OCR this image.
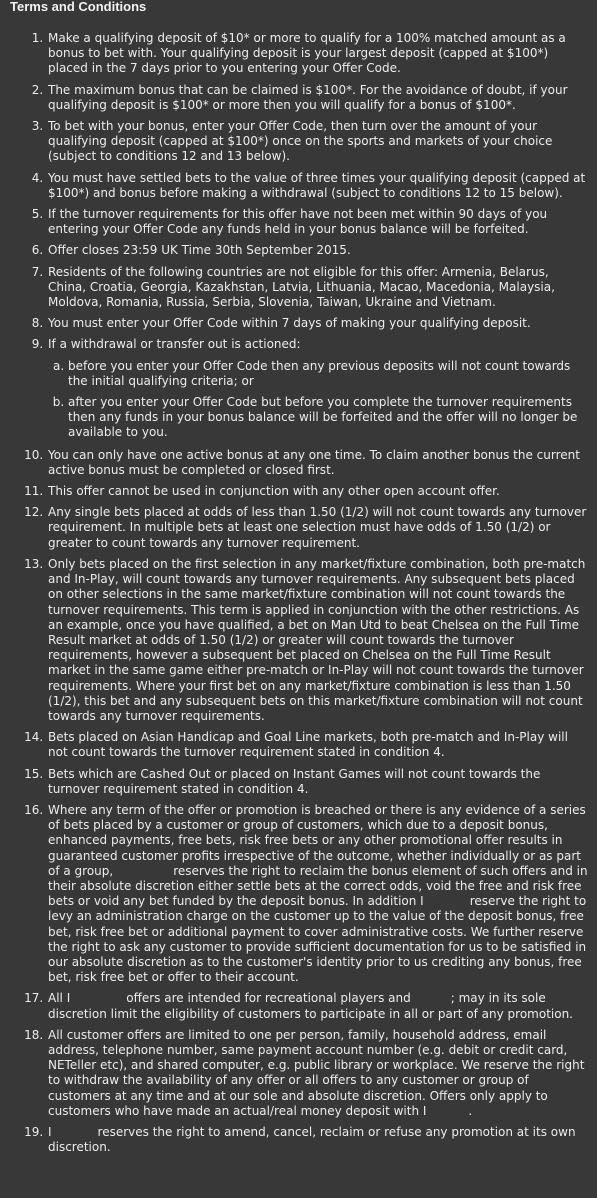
Terms and Conditions
1. Make a qualifying deposit of $10* or more to qualify for a 100% matched amount as a bonus to bet with. Your qualifying deposit is your largest deposit (capped at $100*) placed in the 7 days prior to you entering your Offer Code.
2. The maximum bonus that can be claimed is $100*. For the avoidance of doubt, if your qualifying deposit is $100* or more then you will qualify for a bonus of $100*.
3. To bet with your bonus, enter your Offer Code, then turn over the amount of your qualifying deposit (capped at $100*) once on the sports and markets of your choice (subject to conditions 12 and 13 below).
4. You must have settled bets to the value of three times your qualifying deposit (capped at $100*) and bonus before making a withdrawal (subject to conditions 12 to 15 below).
5. If the turnover requirements for this offer have not been met within 90 days of you entering your Offer Code any funds held in your bonus balance will be forfeited.
6. Offer closes 23:59 UK Time 30th September 2015.
7. Residents of the following countries are not eligible for this offer: Armenia, Belarus, China, Croatia, Georgia, Kazakhstan, Latvia, Lithuania, Macao, Macedonia, Malaysia, Moldova, Romania, Russia, Serbia, Slovenia, Taiwan, Ukraine and Vietnam.
8. You must enter your Offer Code within 7 days of making your qualifying deposit.
9. If a withdrawal or transfer out is actioned:
a. before you enter your Offer Code then any previous deposits will not count towards the initial qualifying criteria; or
b. after you enter your Offer Code but before you complete the turnover requirements then any funds in your bonus balance will be forfeited and the offer will no longer be available to you.
10. You can only have one active bonus at any one time. To claim another bonus the current active bonus must be completed or closed first.
11. This offer cannot be used in conjunction with any other open account offer.
12. Any single bets placed at odds of less than 1.50 (1/2) will not count towards any turnover requirement. In multiple bets at least one selection must have odds of 1.50 (1/2) or greater to count towards any turnover requirement.
13. Only bets placed on the first selection in any market/fixture combination, both pre-match and In-Play, will count towards any turnover requirements. Any subsequent bets placed on other selections in the same market/fixture combination will not count towards the turnover requirements. This term is applied in conjunction with the other restrictions. As an example, once you have qualified, a bet on Man Utd to beat Chelsea on the Full Time Result market at odds of 1.50 (1/2) or greater will count towards the turnover requirements, however a subsequent bet placed on Chelsea on the Full Time Result market in the same game either pre-match or In-Play will not count towards the turnover requirements. Where your first bet on any market/fixture combination is less than 1.50 (1/2), this bet and any subsequent bets on this market/fixture combination will not count towards any turnover requirements.
14. Bets placed on Asian Handicap and Goal Line markets, both pre-match and In-Play will not count towards the turnover requirement stated in condition 4.
15. Bets which are Cashed Out or placed on Instant Games will not count towards the turnover requirement stated in condition 4.
16. Where any term of the offer or promotion is breached or there is any evidence of a series of bets placed by a customer or group of customers, which due to a deposit bonus, enhanced payments, free bets, risk free bets or any other promotional offer results in guaranteed customer profits irrespective of the outcome, whether individually or as part of a group,	reserves the right to reclaim the bonus element of such offers and in their absolute discretion either settle bets at the correct odds, void the free and risk free bets or void any bet funded by the deposit bonus. In addition I	reserve the right to levy an administration charge on the customer up to the value of the deposit bonus, free bet, risk free bet or additional payment to cover administrative costs. We further reserve the right to ask any customer to provide sufficient documentation for us to be satisfied in our absolute discretion as to the customer's identity prior to us crediting any bonus, free bet, risk free bet or offer to their account.
17. All I	offers are intended for recreational players and	; may in its sole discretion limit the eligibility of customers to participate in all or part of any promotion.
18. All customer offers are limited to one per person, family, household address, email address, telephone number, same payment account number (e.g. debit or credit card, NETeller etc), and shared computer, e.g. public library or workplace. We reserve the right to withdraw the availability of any offer or all offers to any customer or group of customers at any time and at our sole and absolute discretion. Offers only apply to customers who have made an actual/real money deposit with I	.
19. I	reserves the right to amend, cancel, reclaim or refuse any promotion at its own discretion.
